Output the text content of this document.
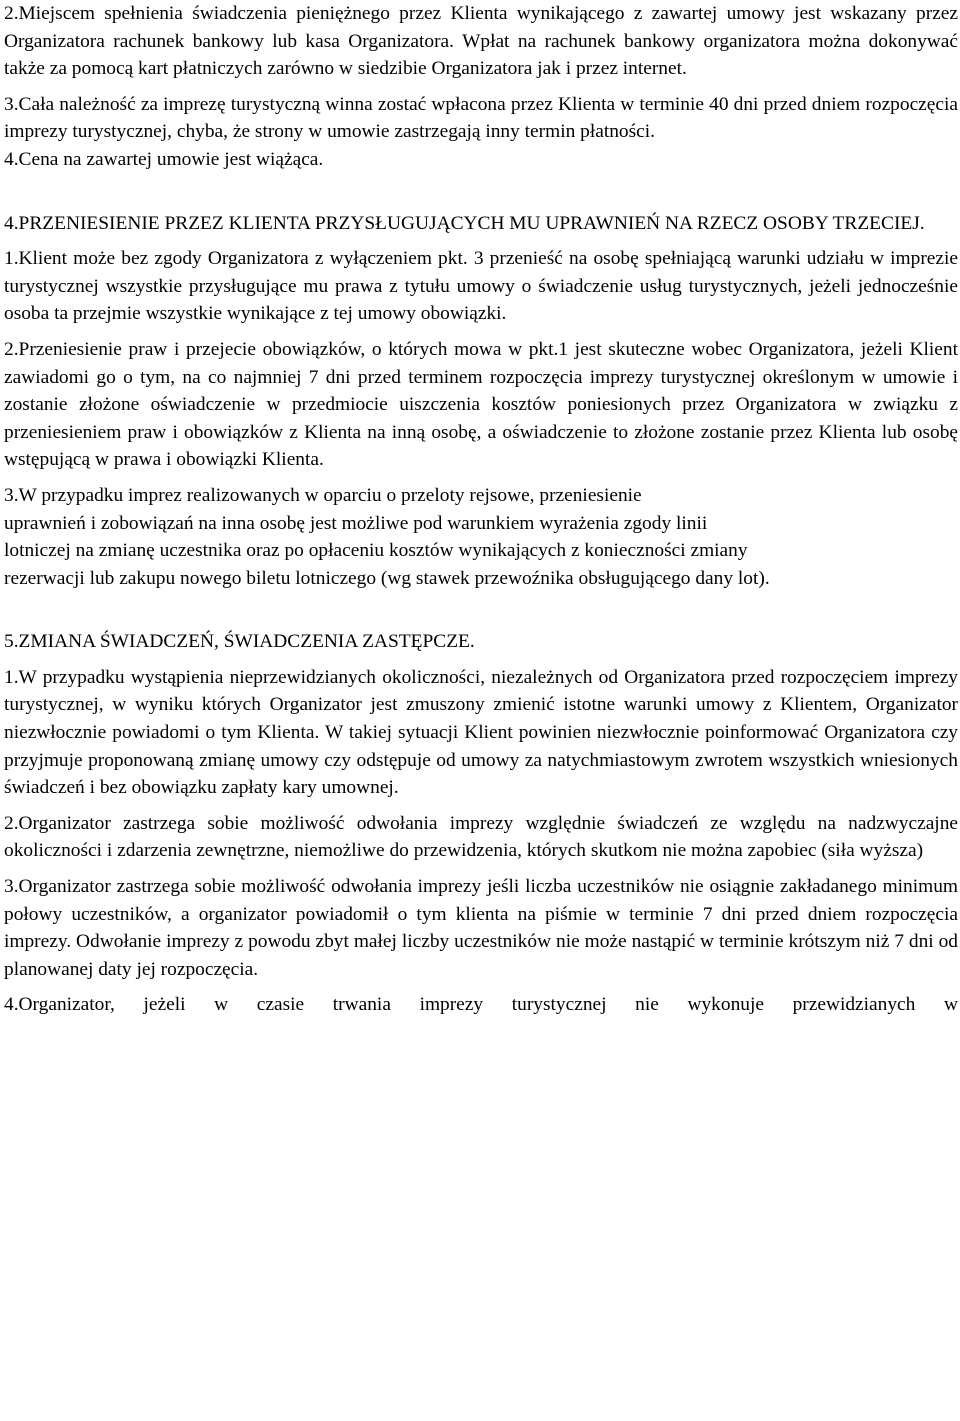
2.Miejscem spełnienia świadczenia pieniężnego przez Klienta wynikającego z zawartej umowy jest wskazany przez Organizatora rachunek bankowy lub kasa Organizatora. Wpłat na rachunek bankowy organizatora można dokonywać także za pomocą kart płatniczych zarówno w siedzibie Organizatora jak i przez internet.

3.Cała należność za imprezę turystyczną winna zostać wpłacona przez Klienta w terminie 40 dni przed dniem rozpoczęcia imprezy turystycznej, chyba, że strony w umowie zastrzegają inny termin płatności.

4.Cena na zawartej umowie jest wiążąca.

4.PRZENIESIENIE PRZEZ KLIENTA PRZYSŁUGUJĄCYCH MU UPRAWNIEŃ NA RZECZ OSOBY TRZECIEJ.

1.Klient może bez zgody Organizatora z wyłączeniem pkt. 3 przenieść na osobę spełniającą warunki udziału w imprezie turystycznej wszystkie przysługujące mu prawa z tytułu umowy o świadczenie usług turystycznych, jeżeli jednocześnie osoba ta przejmie wszystkie wynikające z tej umowy obowiązki.

2.Przeniesienie praw i przejecie obowiązków, o których mowa w pkt.1 jest skuteczne wobec Organizatora, jeżeli Klient zawiadomi go o tym, na co najmniej 7 dni przed terminem rozpoczęcia imprezy turystycznej określonym w umowie i zostanie złożone oświadczenie w przedmiocie uiszczenia kosztów poniesionych przez Organizatora w związku z przeniesieniem praw i obowiązków z Klienta na inną osobę, a oświadczenie to złożone zostanie przez Klienta lub osobę wstępującą w prawa i obowiązki Klienta.

3.W przypadku imprez realizowanych w oparciu o przeloty rejsowe, przeniesienie

uprawnień i zobowiązań na inna osobę jest możliwe pod warunkiem wyrażenia zgody linii

lotniczej na zmianę uczestnika oraz po opłaceniu kosztów wynikających z konieczności zmiany

rezerwacji lub zakupu nowego biletu lotniczego (wg stawek przewoźnika obsługującego dany lot).

5.ZMIANA ŚWIADCZEŃ, ŚWIADCZENIA ZASTĘPCZE.

1.W przypadku wystąpienia nieprzewidzianych okoliczności, niezależnych od Organizatora przed rozpoczęciem imprezy turystycznej, w wyniku których Organizator jest zmuszony zmienić istotne warunki umowy z Klientem, Organizator niezwłocznie powiadomi o tym Klienta. W takiej sytuacji Klient powinien niezwłocznie poinformować Organizatora czy przyjmuje proponowaną zmianę umowy czy odstępuje od umowy za natychmiastowym zwrotem wszystkich wniesionych świadczeń i bez obowiązku zapłaty kary umownej.

2.Organizator zastrzega sobie możliwość odwołania imprezy względnie świadczeń ze względu na nadzwyczajne okoliczności i zdarzenia zewnętrzne, niemożliwe do przewidzenia, których skutkom nie można zapobiec (siła wyższa)

3.Organizator zastrzega sobie możliwość odwołania imprezy jeśli liczba uczestników nie osiągnie zakładanego minimum połowy uczestników, a organizator powiadomił o tym klienta na piśmie w terminie 7 dni przed dniem rozpoczęcia imprezy. Odwołanie imprezy z powodu zbyt małej liczby uczestników nie może nastąpić w terminie krótszym niż 7 dni od planowanej daty jej rozpoczęcia.

4.Organizator, jeżeli w czasie trwania imprezy turystycznej nie wykonuje przewidzianych w
